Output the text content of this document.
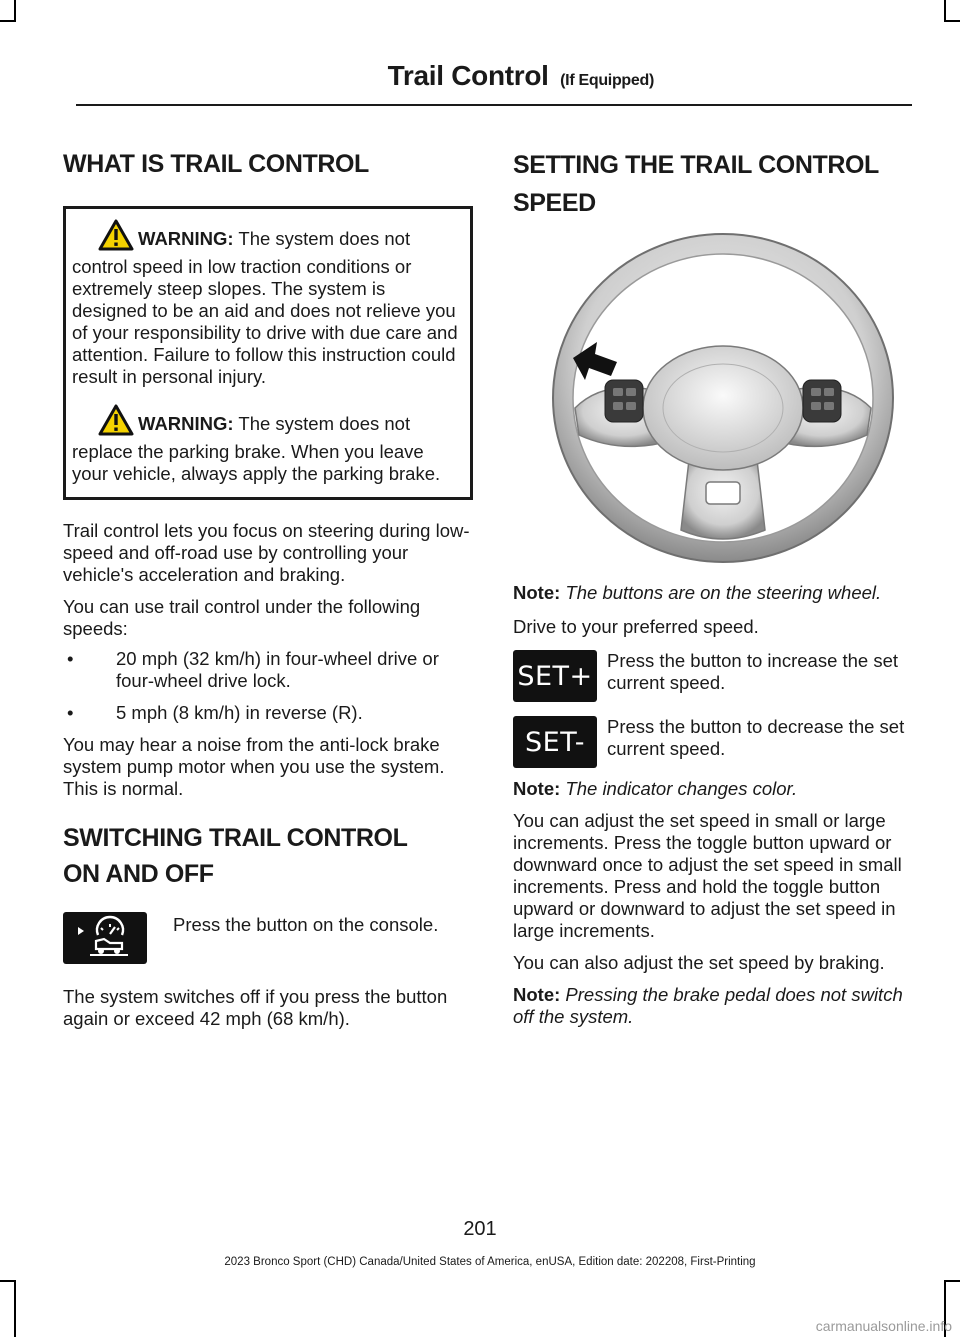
Trail Control (If Equipped)
WHAT IS TRAIL CONTROL

WARNING: The system does not control speed in low traction conditions or extremely steep slopes. The system is designed to be an aid and does not relieve you of your responsibility to drive with due care and attention. Failure to follow this instruction could result in personal injury.

WARNING: The system does not replace the parking brake. When you leave your vehicle, always apply the parking brake.

Trail control lets you focus on steering during low-speed and off-road use by controlling your vehicle's acceleration and braking.

You can use trail control under the following speeds:

• 20 mph (32 km/h) in four-wheel drive or four-wheel drive lock.
• 5 mph (8 km/h) in reverse (R).

You may hear a noise from the anti-lock brake system pump motor when you use the system. This is normal.

SWITCHING TRAIL CONTROL
ON AND OFF

Press the button on the console.

The system switches off if you press the button again or exceed 42 mph (68 km/h).

SETTING THE TRAIL CONTROL
SPEED

Note: The buttons are on the steering wheel.

Drive to your preferred speed.

SET+ Press the button to increase the set current speed.

SET- Press the button to decrease the set current speed.

Note: The indicator changes color.

You can adjust the set speed in small or large increments. Press the toggle button upward or downward once to adjust the set speed in small increments. Press and hold the toggle button upward or downward to adjust the set speed in large increments.

You can also adjust the set speed by braking.

Note: Pressing the brake pedal does not switch off the system.

201
2023 Bronco Sport (CHD) Canada/United States of America, enUSA, Edition date: 202208, First-Printing
carmanualsonline.info
